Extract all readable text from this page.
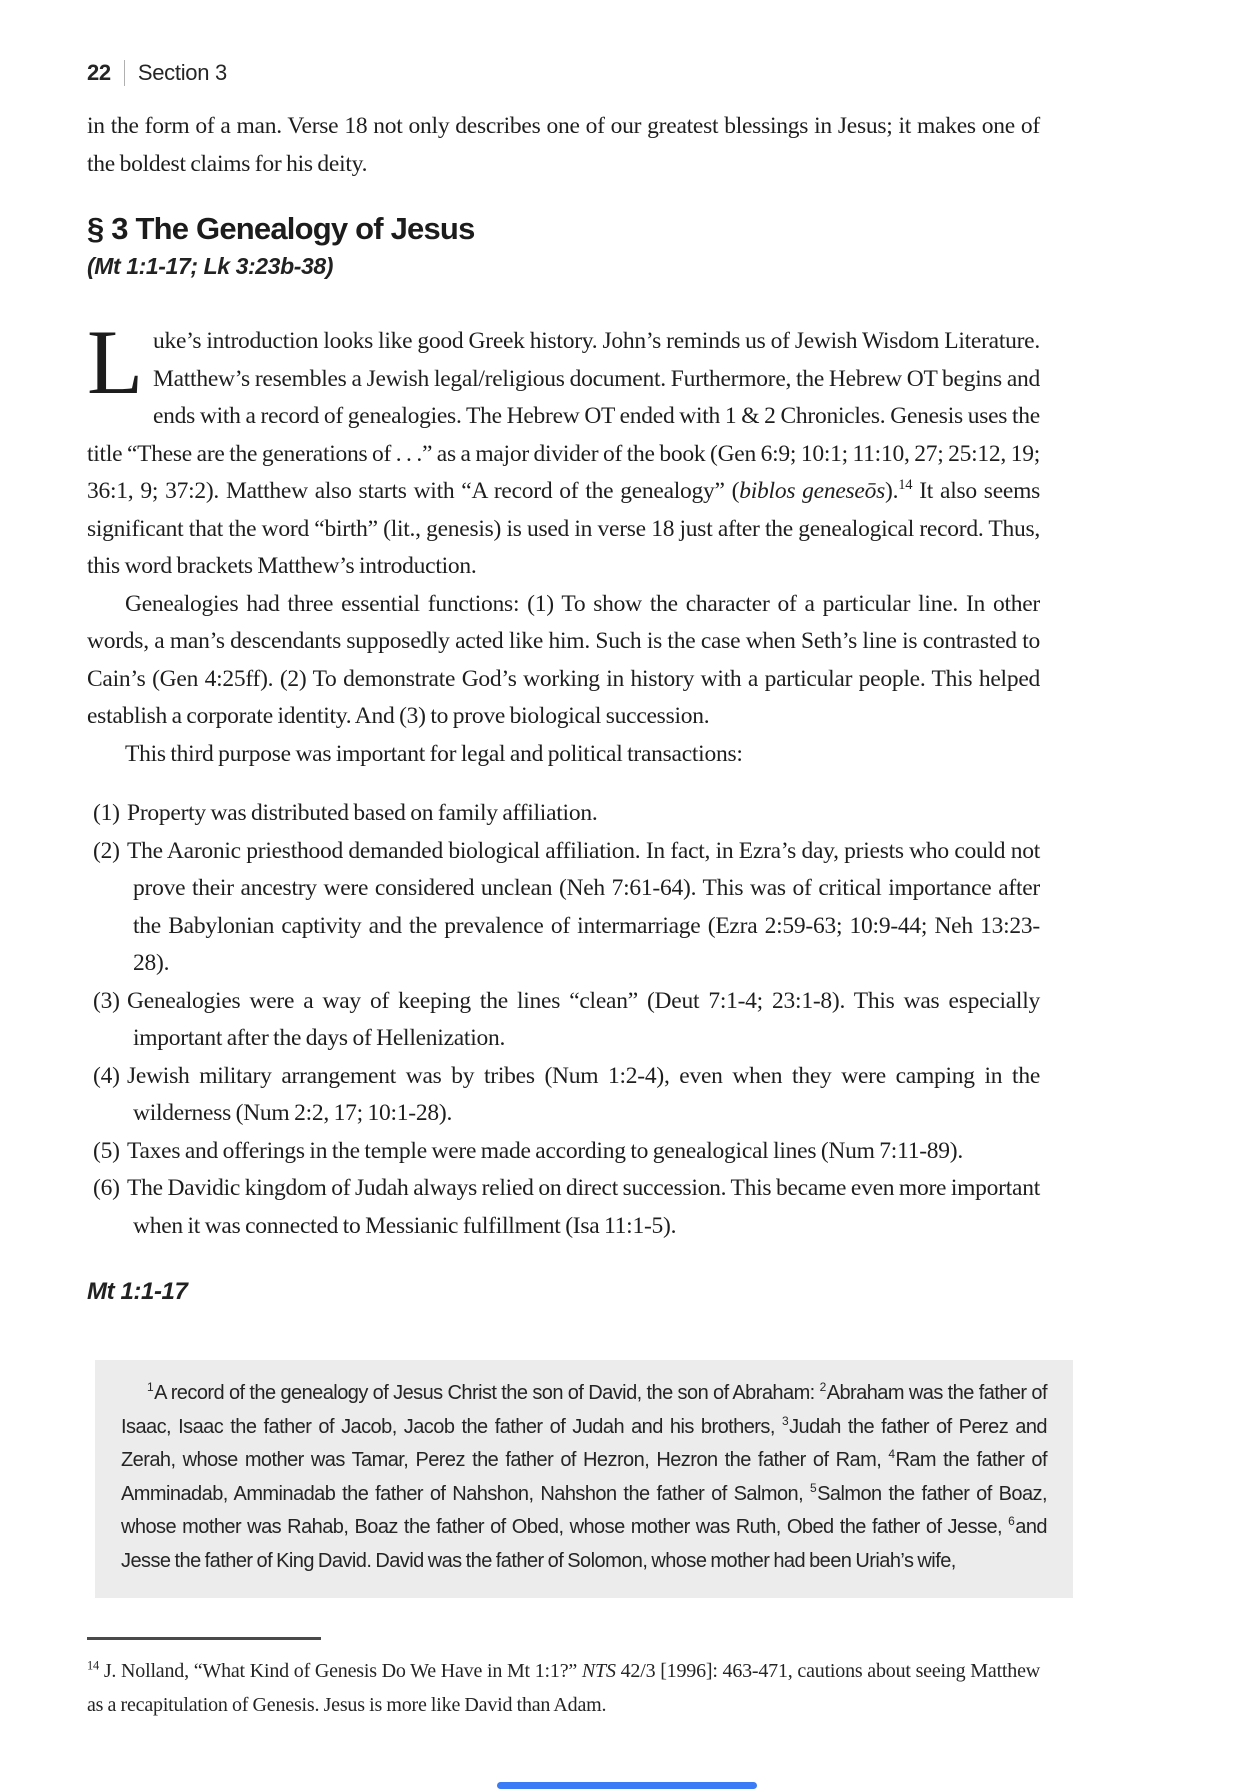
22 Section 3

in the form of a man. Verse 18 not only describes one of our greatest blessings in Jesus; it makes one of the boldest claims for his deity.

§ 3 The Genealogy of Jesus
(Mt 1:1-17; Lk 3:23b-38)

Luke’s introduction looks like good Greek history. John’s reminds us of Jewish Wisdom Literature. Matthew’s resembles a Jewish legal/religious document. Furthermore, the Hebrew OT begins and ends with a record of genealogies. The Hebrew OT ended with 1 & 2 Chronicles. Genesis uses the title “These are the generations of . . .” as a major divider of the book (Gen 6:9; 10:1; 11:10, 27; 25:12, 19; 36:1, 9; 37:2). Matthew also starts with “A record of the genealogy” (biblos geneseōs).$^{14}$ It also seems significant that the word “birth” (lit., genesis) is used in verse 18 just after the genealogical record. Thus, this word brackets Matthew’s introduction.

Genealogies had three essential functions: (1) To show the character of a particular line. In other words, a man’s descendants supposedly acted like him. Such is the case when Seth’s line is contrasted to Cain’s (Gen 4:25ff). (2) To demonstrate God’s working in history with a particular people. This helped establish a corporate identity. And (3) to prove biological succession.

This third purpose was important for legal and political transactions:

(1) Property was distributed based on family affiliation.

(2) The Aaronic priesthood demanded biological affiliation. In fact, in Ezra’s day, priests who could not prove their ancestry were considered unclean (Neh 7:61-64). This was of critical importance after the Babylonian captivity and the prevalence of intermarriage (Ezra 2:59-63; 10:9-44; Neh 13:23-28).

(3) Genealogies were a way of keeping the lines “clean” (Deut 7:1-4; 23:1-8). This was especially important after the days of Hellenization.

(4) Jewish military arrangement was by tribes (Num 1:2-4), even when they were camping in the wilderness (Num 2:2, 17; 10:1-28).

(5) Taxes and offerings in the temple were made according to genealogical lines (Num 7:11-89).

(6) The Davidic kingdom of Judah always relied on direct succession. This became even more important when it was connected to Messianic fulfillment (Isa 11:1-5).

Mt 1:1-17

$^1$A record of the genealogy of Jesus Christ the son of David, the son of Abraham: $^2$Abraham was the father of Isaac, Isaac the father of Jacob, Jacob the father of Judah and his brothers, $^3$Judah the father of Perez and Zerah, whose mother was Tamar, Perez the father of Hezron, Hezron the father of Ram, $^4$Ram the father of Amminadab, Amminadab the father of Nahshon, Nahshon the father of Salmon, $^5$Salmon the father of Boaz, whose mother was Rahab, Boaz the father of Obed, whose mother was Ruth, Obed the father of Jesse, $^6$and Jesse the father of King David. David was the father of Solomon, whose mother had been Uriah’s wife,

$^{14}$ J. Nolland, “What Kind of Genesis Do We Have in Mt 1:1?” NTS 42/3 [1996]: 463-471, cautions about seeing Matthew as a recapitulation of Genesis. Jesus is more like David than Adam.
